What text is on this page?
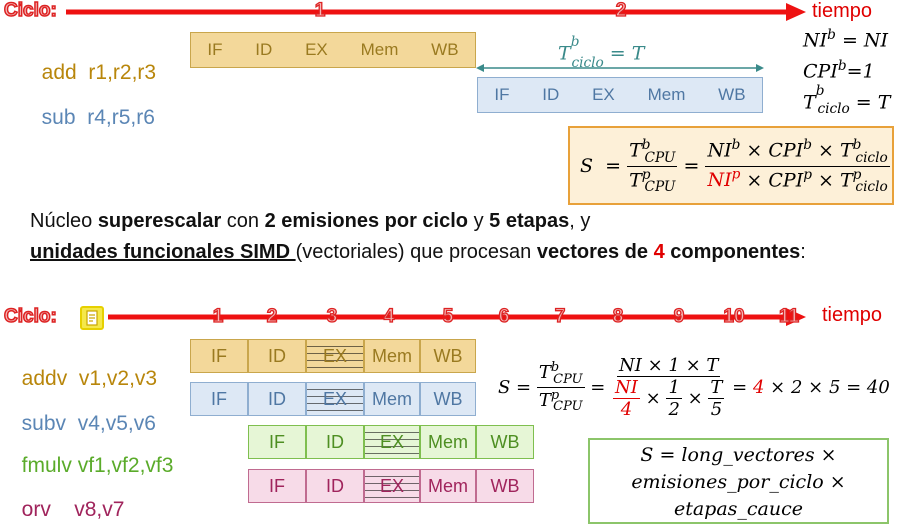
Ciclo:	1	2	tiempo

add r1,r2,r3

sub r4,r5,r6

IF ID EX Mem WB
IF ID EX Mem WB
$T^b_{ciclo} = T$
$NI^b$ = NI
$CPI^b=1$
$T^b_{ciclo} = T$
$S = \frac{T^b_{CPU}}{T^p_{CPU}} = \frac{NI^b \times CPI^b \times T^b_{ciclo}}{NI^p \times CPI^p \times T^p_{ciclo}}$
Núcleo superescalar con 2 emisiones por ciclo y 5 etapas, y
unidades funcionales SIMD (vectoriales) que procesan vectores de 4 componentes:
Ciclo:	1	2	3	4	5	6	7	8	9	10	11	tiempo

addv v1,v2,v3

subv v4,v5,v6

fmulv vf1,vf2,vf3

orv v8,v7

IF	ID	EX	Mem	WB
IF	ID	EX	Mem	WB
IF	ID	EX	Mem	WB
IF	ID	EX	Mem	WB
$S = \frac{T^b_{CPU}}{T^p_{CPU}} = \frac{NI \times 1 \times T}{\frac{NI}{4} \times \frac{1}{2} \times \frac{T}{5}}$
= 4 × 2 × 5 = 40
S = long_vectores ×
emisiones_por_ciclo ×
etapas_cauce
